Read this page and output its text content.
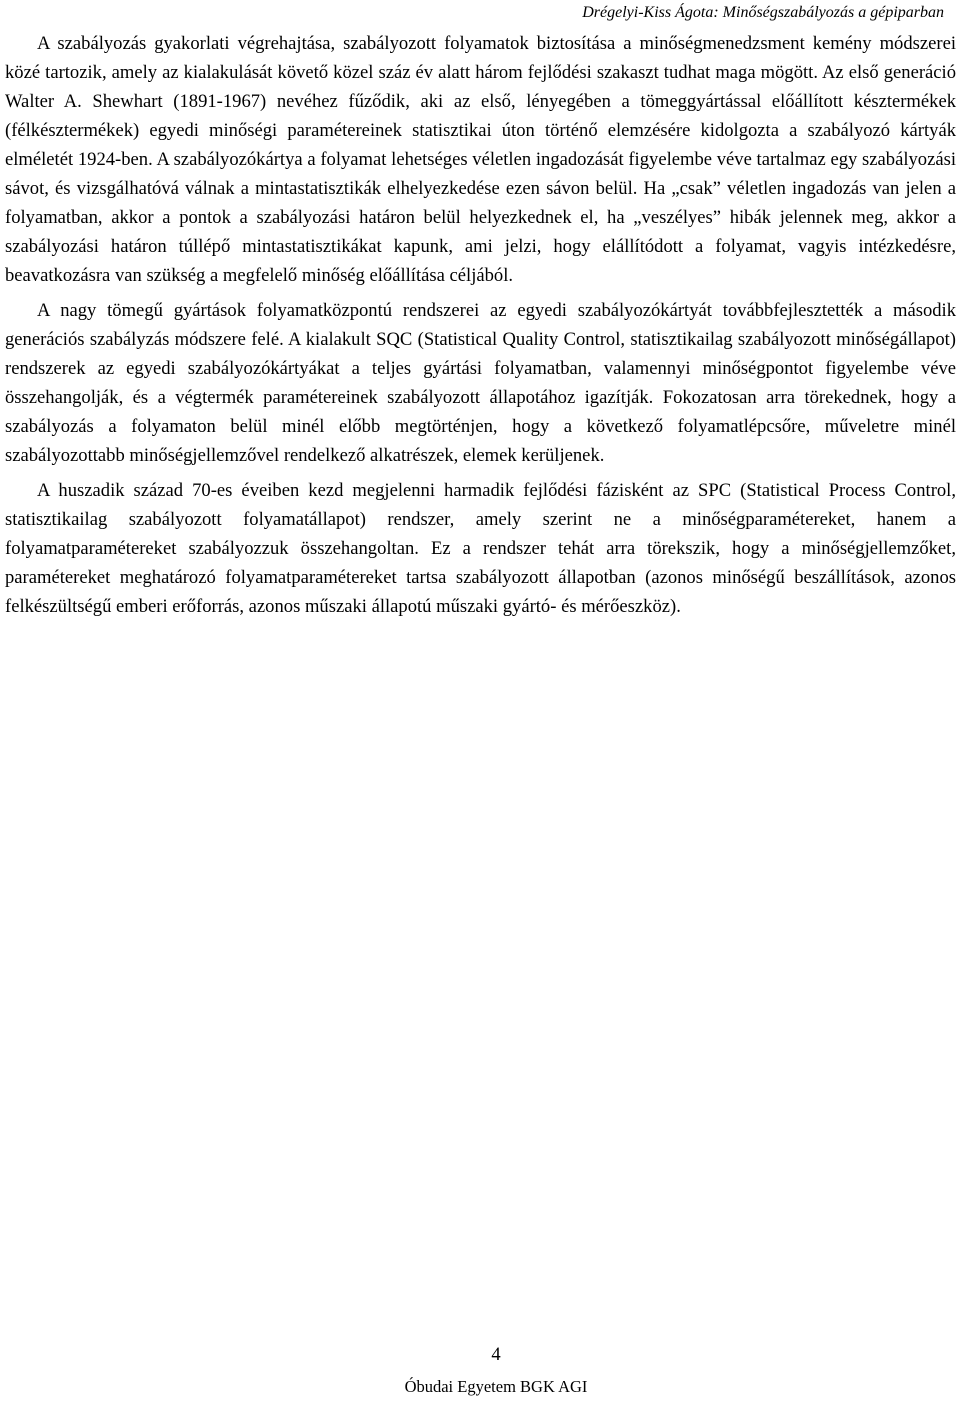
Drégelyi-Kiss Ágota: Minőségszabályozás a gépiparban

A szabályozás gyakorlati végrehajtása, szabályozott folyamatok biztosítása a minőségmenedzsment kemény módszerei közé tartozik, amely az kialakulását követő közel száz év alatt három fejlődési szakaszt tudhat maga mögött. Az első generáció Walter A. Shewhart (1891-1967) nevéhez fűződik, aki az első, lényegében a tömeggyártással előállított késztermékek (félkésztermékek) egyedi minőségi paramétereinek statisztikai úton történő elemzésére kidolgozta a szabályozó kártyák elméletét 1924-ben. A szabályozókártya a folyamat lehetséges véletlen ingadozását figyelembe véve tartalmaz egy szabályozási sávot, és vizsgálhatóvá válnak a mintastatisztikák elhelyezkedése ezen sávon belül. Ha „csak” véletlen ingadozás van jelen a folyamatban, akkor a pontok a szabályozási határon belül helyezkednek el, ha „veszélyes” hibák jelennek meg, akkor a szabályozási határon túllépő mintastatisztikákat kapunk, ami jelzi, hogy elállítódott a folyamat, vagyis intézkedésre, beavatkozásra van szükség a megfelelő minőség előállítása céljából.

A nagy tömegű gyártások folyamatközpontú rendszerei az egyedi szabályozókártyát továbbfejlesztették a második generációs szabályzás módszere felé. A kialakult SQC (Statistical Quality Control, statisztikailag szabályozott minőségállapot) rendszerek az egyedi szabályozókártyákat a teljes gyártási folyamatban, valamennyi minőségpontot figyelembe véve összehangolják, és a végtermék paramétereinek szabályozott állapotához igazítják. Fokozatosan arra törekednek, hogy a szabályozás a folyamaton belül minél előbb megtörténjen, hogy a következő folyamatlépcsőre, műveletre minél szabályozottabb minőségjellemzővel rendelkező alkatrészek, elemek kerüljenek.

A huszadik század 70-es éveiben kezd megjelenni harmadik fejlődési fázisként az SPC (Statistical Process Control, statisztikailag szabályozott folyamatállapot) rendszer, amely szerint ne a minőségparamétereket, hanem a folyamatparamétereket szabályozzuk összehangoltan. Ez a rendszer tehát arra törekszik, hogy a minőségjellemzőket, paramétereket meghatározó folyamatparamétereket tartsa szabályozott állapotban (azonos minőségű beszállítások, azonos felkészültségű emberi erőforrás, azonos műszaki állapotú műszaki gyártó- és mérőeszköz).

4
Óbudai Egyetem BGK AGI
